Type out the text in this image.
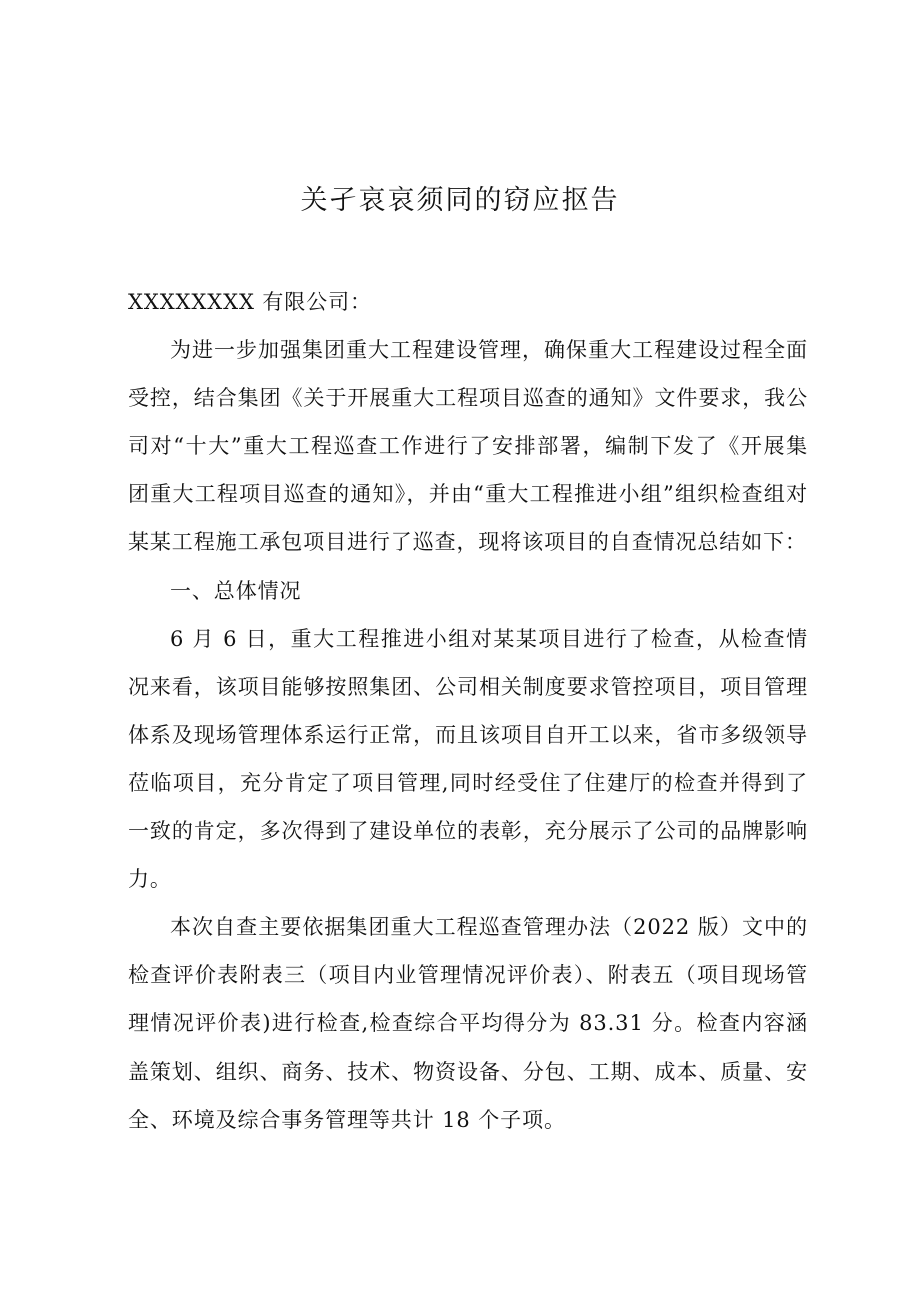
关孑哀哀须同的窃应抠告

XXXXXXXX 有限公司：

为进一步加强集团重大工程建设管理，确保重大工程建设过程全面受控，结合集团《关于开展重大工程项目巡查的通知》文件要求，我公司对“十大”重大工程巡查工作进行了安排部署，编制下发了《开展集团重大工程项目巡查的通知》，并由“重大工程推进小组”组织检查组对某某工程施工承包项目进行了巡查，现将该项目的自查情况总结如下：

一、总体情况

6 月 6 日，重大工程推进小组对某某项目进行了检查，从检查情况来看，该项目能够按照集团、公司相关制度要求管控项目，项目管理体系及现场管理体系运行正常，而且该项目自开工以来，省市多级领导莅临项目，充分肯定了项目管理,同时经受住了住建厅的检查并得到了一致的肯定，多次得到了建设单位的表彰，充分展示了公司的品牌影响力。

本次自查主要依据集团重大工程巡查管理办法（2022 版）文中的检查评价表附表三（项目内业管理情况评价表）、附表五（项目现场管理情况评价表)进行检查,检查综合平均得分为 83.31 分。检查内容涵盖策划、组织、商务、技术、物资设备、分包、工期、成本、质量、安全、环境及综合事务管理等共计 18 个子项。
